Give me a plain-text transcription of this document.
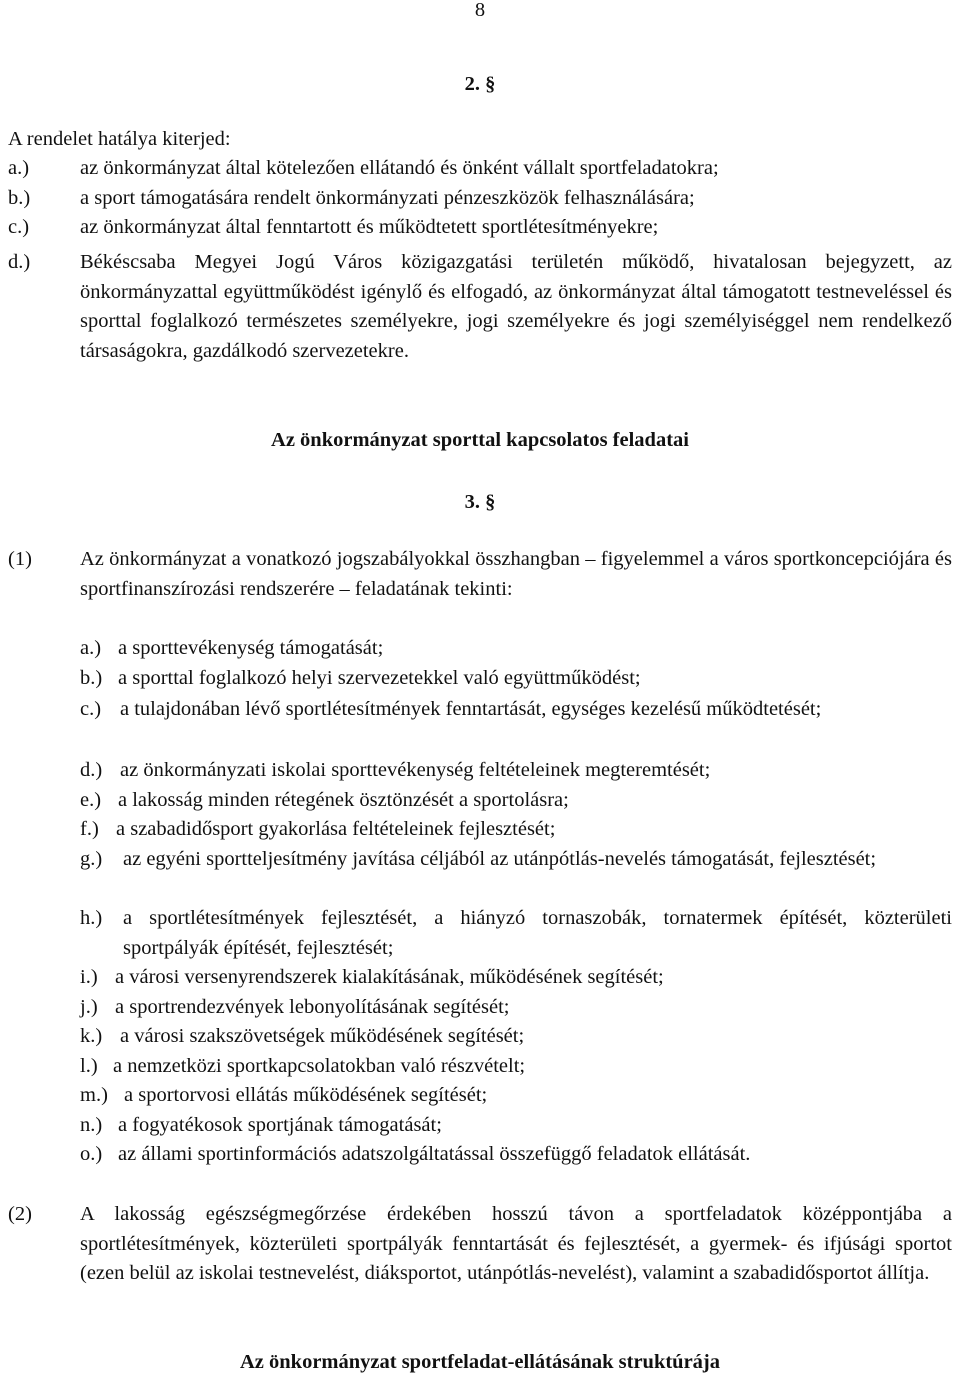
8
2. §
A rendelet hatálya kiterjed:
a.) az önkormányzat által kötelezően ellátandó és önként vállalt sportfeladatokra;
b.) a sport támogatására rendelt önkormányzati pénzeszközök felhasználására;
c.) az önkormányzat által fenntartott és működtetett sportlétesítményekre;
d.) Békéscsaba Megyei Jogú Város közigazgatási területén működő, hivatalosan bejegyzett, az önkormányzattal együttműködést igénylő és elfogadó, az önkormányzat által támogatott testneveléssel és sporttal foglalkozó természetes személyekre, jogi személyekre és jogi személyiséggel nem rendelkező társaságokra, gazdálkodó szervezetekre.
Az önkormányzat sporttal kapcsolatos feladatai
3. §
(1) Az önkormányzat a vonatkozó jogszabályokkal összhangban – figyelemmel a város sportkoncepciójára és sportfinanszírozási rendszerére – feladatának tekinti:
a.) a sporttevékenység támogatását;
b.) a sporttal foglalkozó helyi szervezetekkel való együttműködést;
c.) a tulajdonában lévő sportlétesítmények fenntartását, egységes kezelésű működtetését;
d.) az önkormányzati iskolai sporttevékenység feltételeinek megteremtését;
e.) a lakosság minden rétegének ösztönzését a sportolásra;
f.) a szabadidősport gyakorlása feltételeinek fejlesztését;
g.) az egyéni sportteljesítmény javítása céljából az utánpótlás-nevelés támogatását, fejlesztését;
h.) a sportlétesítmények fejlesztését, a hiányzó tornaszobák, tornatermek építését, közterületi sportpályák építését, fejlesztését;
i.) a városi versenyrendszerek kialakításának, működésének segítését;
j.) a sportrendezvények lebonyolításának segítését;
k.) a városi szakszövetségek működésének segítését;
l.) a nemzetközi sportkapcsolatokban való részvételt;
m.) a sportorvosi ellátás működésének segítését;
n.) a fogyatékosok sportjának támogatását;
o.) az állami sportinformációs adatszolgáltatással összefüggő feladatok ellátását.
(2) A lakosság egészségmegőrzése érdekében hosszú távon a sportfeladatok középpontjába a sportlétesítmények, közterületi sportpályák fenntartását és fejlesztését, a gyermek- és ifjúsági sportot (ezen belül az iskolai testnevelést, diáksportot, utánpótlás-nevelést), valamint a szabadidősportot állítja.
Az önkormányzat sportfeladat-ellátásának struktúrája
